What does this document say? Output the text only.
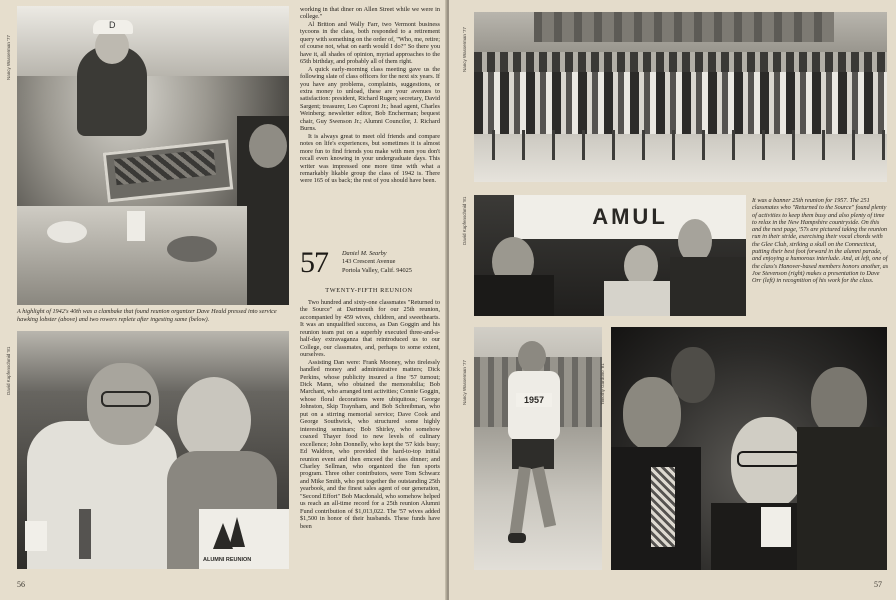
D
Nancy Wasserman '77

A highlight of 1942's 40th was a clambake that found reunion organizer Dave Heald pressed into service hawking lobster (above) and two rowers replete after ingesting same (below).

ALUMNI REUNION
David Kapfenschmid '81

working in that diner on Allen Street while we were in college."

Al Britton and Wally Farr, two Vermont business tycoons in the class, both responded to a retirement query with something on the order of, "Who, me, retire; of course not, what on earth would I do?" So there you have it, all shades of opinion, myriad approaches to the 65th birthday, and probably all of them right.

A quick early-morning class meeting gave us the following slate of class officers for the next six years. If you have any problems, complaints, suggestions, or extra money to unload, these are your avenues to satisfaction: president, Richard Rugen; secretary, David Sargent; treasurer, Leo Caproni Jr.; head agent, Charles Weinberg; newsletter editor, Bob Encherman; bequest chair, Guy Swenson Jr.; Alumni Councilor, J. Richard Burns.

It is always great to meet old friends and compare notes on life's experiences, but sometimes it is almost more fun to find friends you make with men you don't recall even knowing in your undergraduate days. This writer was impressed one more time with what a remarkably likable group the class of 1942 is. There were 165 of us back; the rest of you should have been.

57	Daniel M. Searby
143 Crescent Avenue
Portola Valley, Calif. 94025
TWENTY-FIFTH REUNION

Two hundred and sixty-one classmates "Returned to the Source" at Dartmouth for our 25th reunion, accompanied by 459 wives, children, and sweethearts. It was an unqualified success, as Dan Goggin and his reunion team put on a superbly executed three-and-a-half-day extravaganza that reintroduced us to our College, our classmates, and, perhaps to some extent, ourselves.

Assisting Dan were: Frank Mooney, who tirelessly handled money and administrative matters; Dick Perkins, whose publicity insured a fine '57 turnout; Dick Mann, who obtained the memorabilia; Bob Marchant, who arranged tent activities; Connie Goggin, whose floral decorations were ubiquitous; George Johnston, Skip Traynham, and Bob Schreibman, who put on a stirring memorial service; Dave Cook and George Southwick, who structured some highly interesting seminars; Bob Shirley, who somehow coaxed Thayer food to new levels of culinary excellence; John Donnelly, who kept the '57 kids busy; Ed Waldron, who provided the hard-to-top initial reunion event and then emceed the class dinner; and Charley Sellman, who organized the fun sports program. Three other contributors, were Tom Schwarz and Mike Smith, who put together the outstanding 25th yearbook, and the finest sales agent of our generation, "Second Effort" Bob Macdonald, who somehow helped us reach an all-time record for a 25th reunion Alumni Fund contribution of $1,013,022. The '57 wives added $1,500 in honor of their husbands. These funds have been

56
Nancy Wasserman '77
AMUL
David Kapfenschmid '81	It was a banner 25th reunion for 1957. The 251 classmates who "Returned to the Source" found plenty of activities to keep them busy and also plenty of time to relax in the New Hampshire countryside. On this and the next page, '57s are pictured taking the reunion run in their stride, exercising their vocal chords with the Glee Club, striking a skull on the Connecticut, putting their best foot forward in the alumni parade, and enjoying a humorous interlude. And, at left, one of the class's Hanover-based members honors another, as Joe Stevenson (right) makes a presentation to Dave Orr (left) in recognition of his work for the class.

1957
Nancy Wasserman '77	Timothy Garduno '81
57
